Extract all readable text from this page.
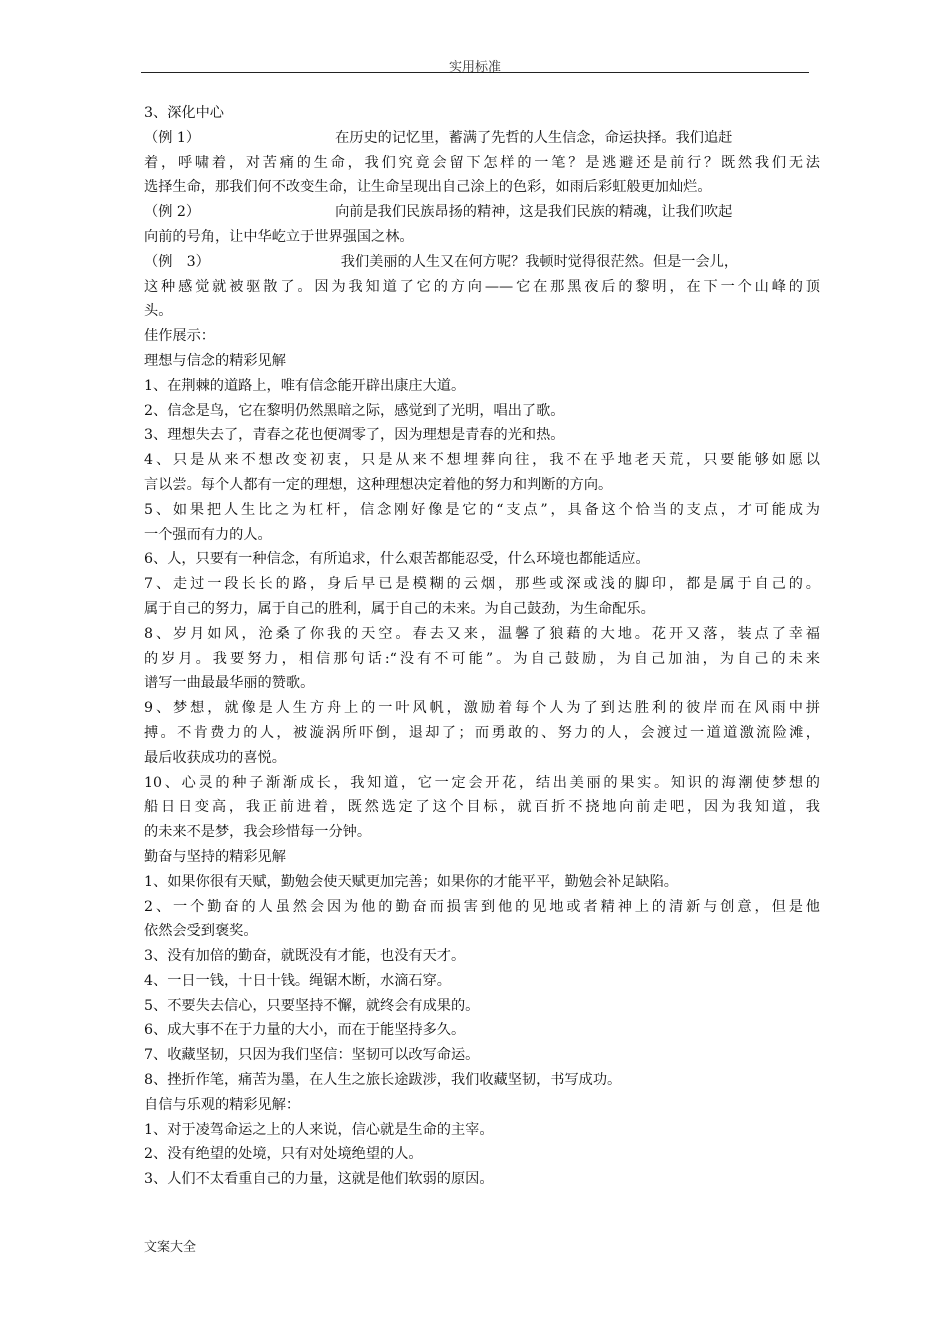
实用标准
3、深化中心
（例 1）	在历史的记忆里，蓄满了先哲的人生信念，命运抉择。我们追赶
着，呼啸着，对苦痛的生命，我们究竟会留下怎样的一笔？是逃避还是前行？既然我们无法
选择生命，那我们何不改变生命，让生命呈现出自己涂上的色彩，如雨后彩虹般更加灿烂。
（例 2）	向前是我们民族昂扬的精神，这是我们民族的精魂，让我们吹起
向前的号角，让中华屹立于世界强国之林。
（例　3）	我们美丽的人生又在何方呢？我顿时觉得很茫然。但是一会儿，
这种感觉就被驱散了。因为我知道了它的方向——它在那黑夜后的黎明，在下一个山峰的顶
头。
佳作展示：
理想与信念的精彩见解
1、在荆棘的道路上，唯有信念能开辟出康庄大道。
2、信念是鸟，它在黎明仍然黑暗之际，感觉到了光明，唱出了歌。
3、理想失去了，青春之花也便凋零了，因为理想是青春的光和热。
4、只是从来不想改变初衷，只是从来不想埋葬向往，我不在乎地老天荒，只要能够如愿以
言以尝。每个人都有一定的理想，这种理想决定着他的努力和判断的方向。
5、如果把人生比之为杠杆，信念刚好像是它的“支点”，具备这个恰当的支点，才可能成为
一个强而有力的人。
6、人，只要有一种信念，有所追求，什么艰苦都能忍受，什么环境也都能适应。
7、走过一段长长的路，身后早已是模糊的云烟，那些或深或浅的脚印，都是属于自己的。
属于自己的努力，属于自己的胜利，属于自己的未来。为自己鼓劲，为生命配乐。
8、岁月如风，沧桑了你我的天空。春去又来，温馨了狼藉的大地。花开又落，装点了幸福
的岁月。我要努力，相信那句话:“没有不可能”。为自己鼓励，为自己加油，为自己的未来
谱写一曲最最华丽的赞歌。
9、梦想，就像是人生方舟上的一叶风帆，激励着每个人为了到达胜利的彼岸而在风雨中拼
搏。不肯费力的人，被漩涡所吓倒，退却了；而勇敢的、努力的人，会渡过一道道激流险滩，
最后收获成功的喜悦。
10、心灵的种子渐渐成长，我知道，它一定会开花，结出美丽的果实。知识的海潮使梦想的
船日日变高，我正前进着，既然选定了这个目标，就百折不挠地向前走吧，因为我知道，我
的未来不是梦，我会珍惜每一分钟。
勤奋与坚持的精彩见解
1、如果你很有天赋，勤勉会使天赋更加完善；如果你的才能平平，勤勉会补足缺陷。
2、一个勤奋的人虽然会因为他的勤奋而损害到他的见地或者精神上的清新与创意，但是他
依然会受到褒奖。
3、没有加倍的勤奋，就既没有才能，也没有天才。
4、一日一钱，十日十钱。绳锯木断，水滴石穿。
5、不要失去信心，只要坚持不懈，就终会有成果的。
6、成大事不在于力量的大小，而在于能坚持多久。
7、收藏坚韧，只因为我们坚信：坚韧可以改写命运。
8、挫折作笔，痛苦为墨，在人生之旅长途跋涉，我们收藏坚韧，书写成功。
自信与乐观的精彩见解：
1、对于凌驾命运之上的人来说，信心就是生命的主宰。
2、没有绝望的处境，只有对处境绝望的人。
3、人们不太看重自己的力量，这就是他们软弱的原因。
文案大全
